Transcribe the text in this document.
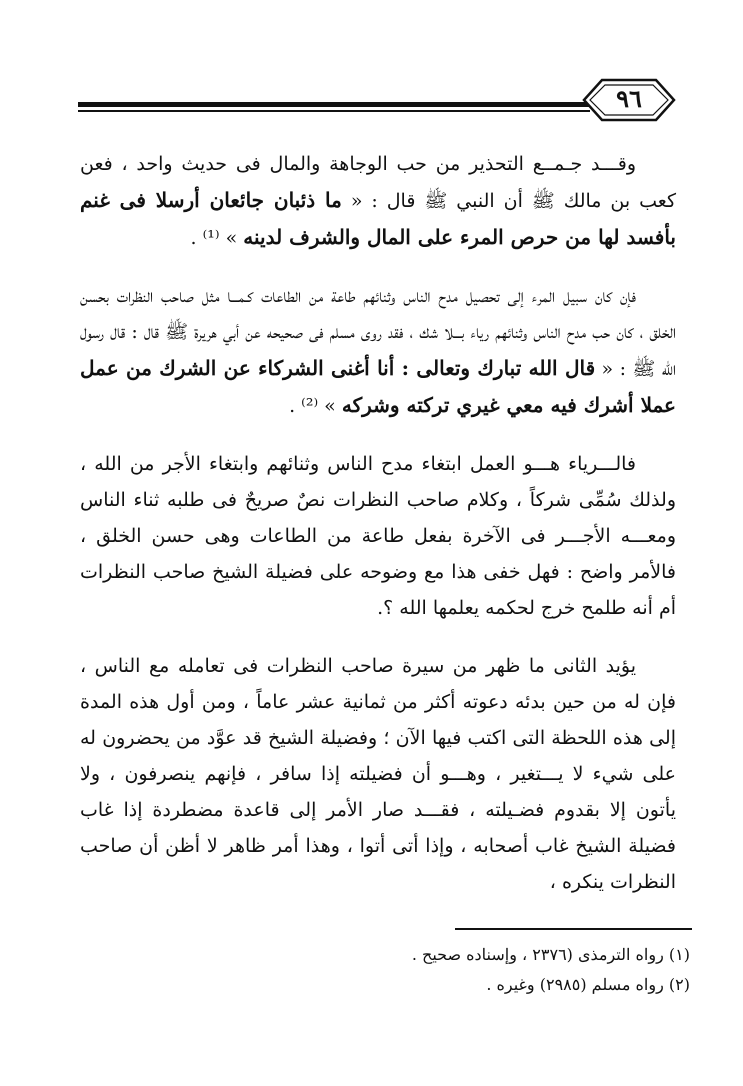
٩٦

وقـــد جـمــع التحذير من حب الوجاهة والمال فى حديث واحد ، فعن كعب بن مالك ﷺ أن النبي ﷺ قال : « ما ذئبان جائعان أرسلا فى غنم بأفسد لها من حرص المرء على المال والشرف لدينه » ⁽¹⁾ .

فإن كان سبيل المرء إلى تحصيل مدح الناس وثنائهم طاعة من الطاعات كـمـــا مثل صاحب النظرات بحسن الخلق ، كان حب مدح الناس وثنائهم رياء بـــلا شك ، فقد روى مسلم فى صحيحه عن أبي هريرة ﷺ قال : قال رسول الله ﷺ : « قال الله تبارك وتعالى : أنا أغنى الشركاء عن الشرك من عمل عملا أشرك فيه معي غيري تركته وشركه » ⁽²⁾ .

فالـــرياء هـــو العمل ابتغاء مدح الناس وثنائهم وابتغاء الأجر من الله ، ولذلك سُمِّى شركاً ، وكلام صاحب النظرات نصٌ صريحٌ فى طلبه ثناء الناس ومعـــه الأجـــر فى الآخرة بفعل طاعة من الطاعات وهى حسن الخلق ، فالأمر واضح : فهل خفى هذا مع وضوحه على فضيلة الشيخ صاحب النظرات أم أنه طلمح خرج لحكمه يعلمها الله ؟.

يؤيد الثانى ما ظهر من سيرة صاحب النظرات فى تعامله مع الناس ، فإن له من حين بدئه دعوته أكثر من ثمانية عشر عاماً ، ومن أول هذه المدة إلى هذه اللحظة التى اكتب فيها الآن ؛ وفضيلة الشيخ قد عوَّد من يحضرون له على شيء لا يـــتغير ، وهـــو أن فضيلته إذا سافر ، فإنهم ينصرفون ، ولا يأتون إلا بقدوم فضـيلته ، فقـــد صار الأمر إلى قاعدة مضطردة إذا غاب فضيلة الشيخ غاب أصحابه ، وإذا أتى أتوا ، وهذا أمر ظاهر لا أظن أن صاحب النظرات ينكره ،

(١) رواه الترمذى (٢٣٧٦ ، وإسناده صحيح .
(٢) رواه مسلم (٢٩٨٥) وغيره .
